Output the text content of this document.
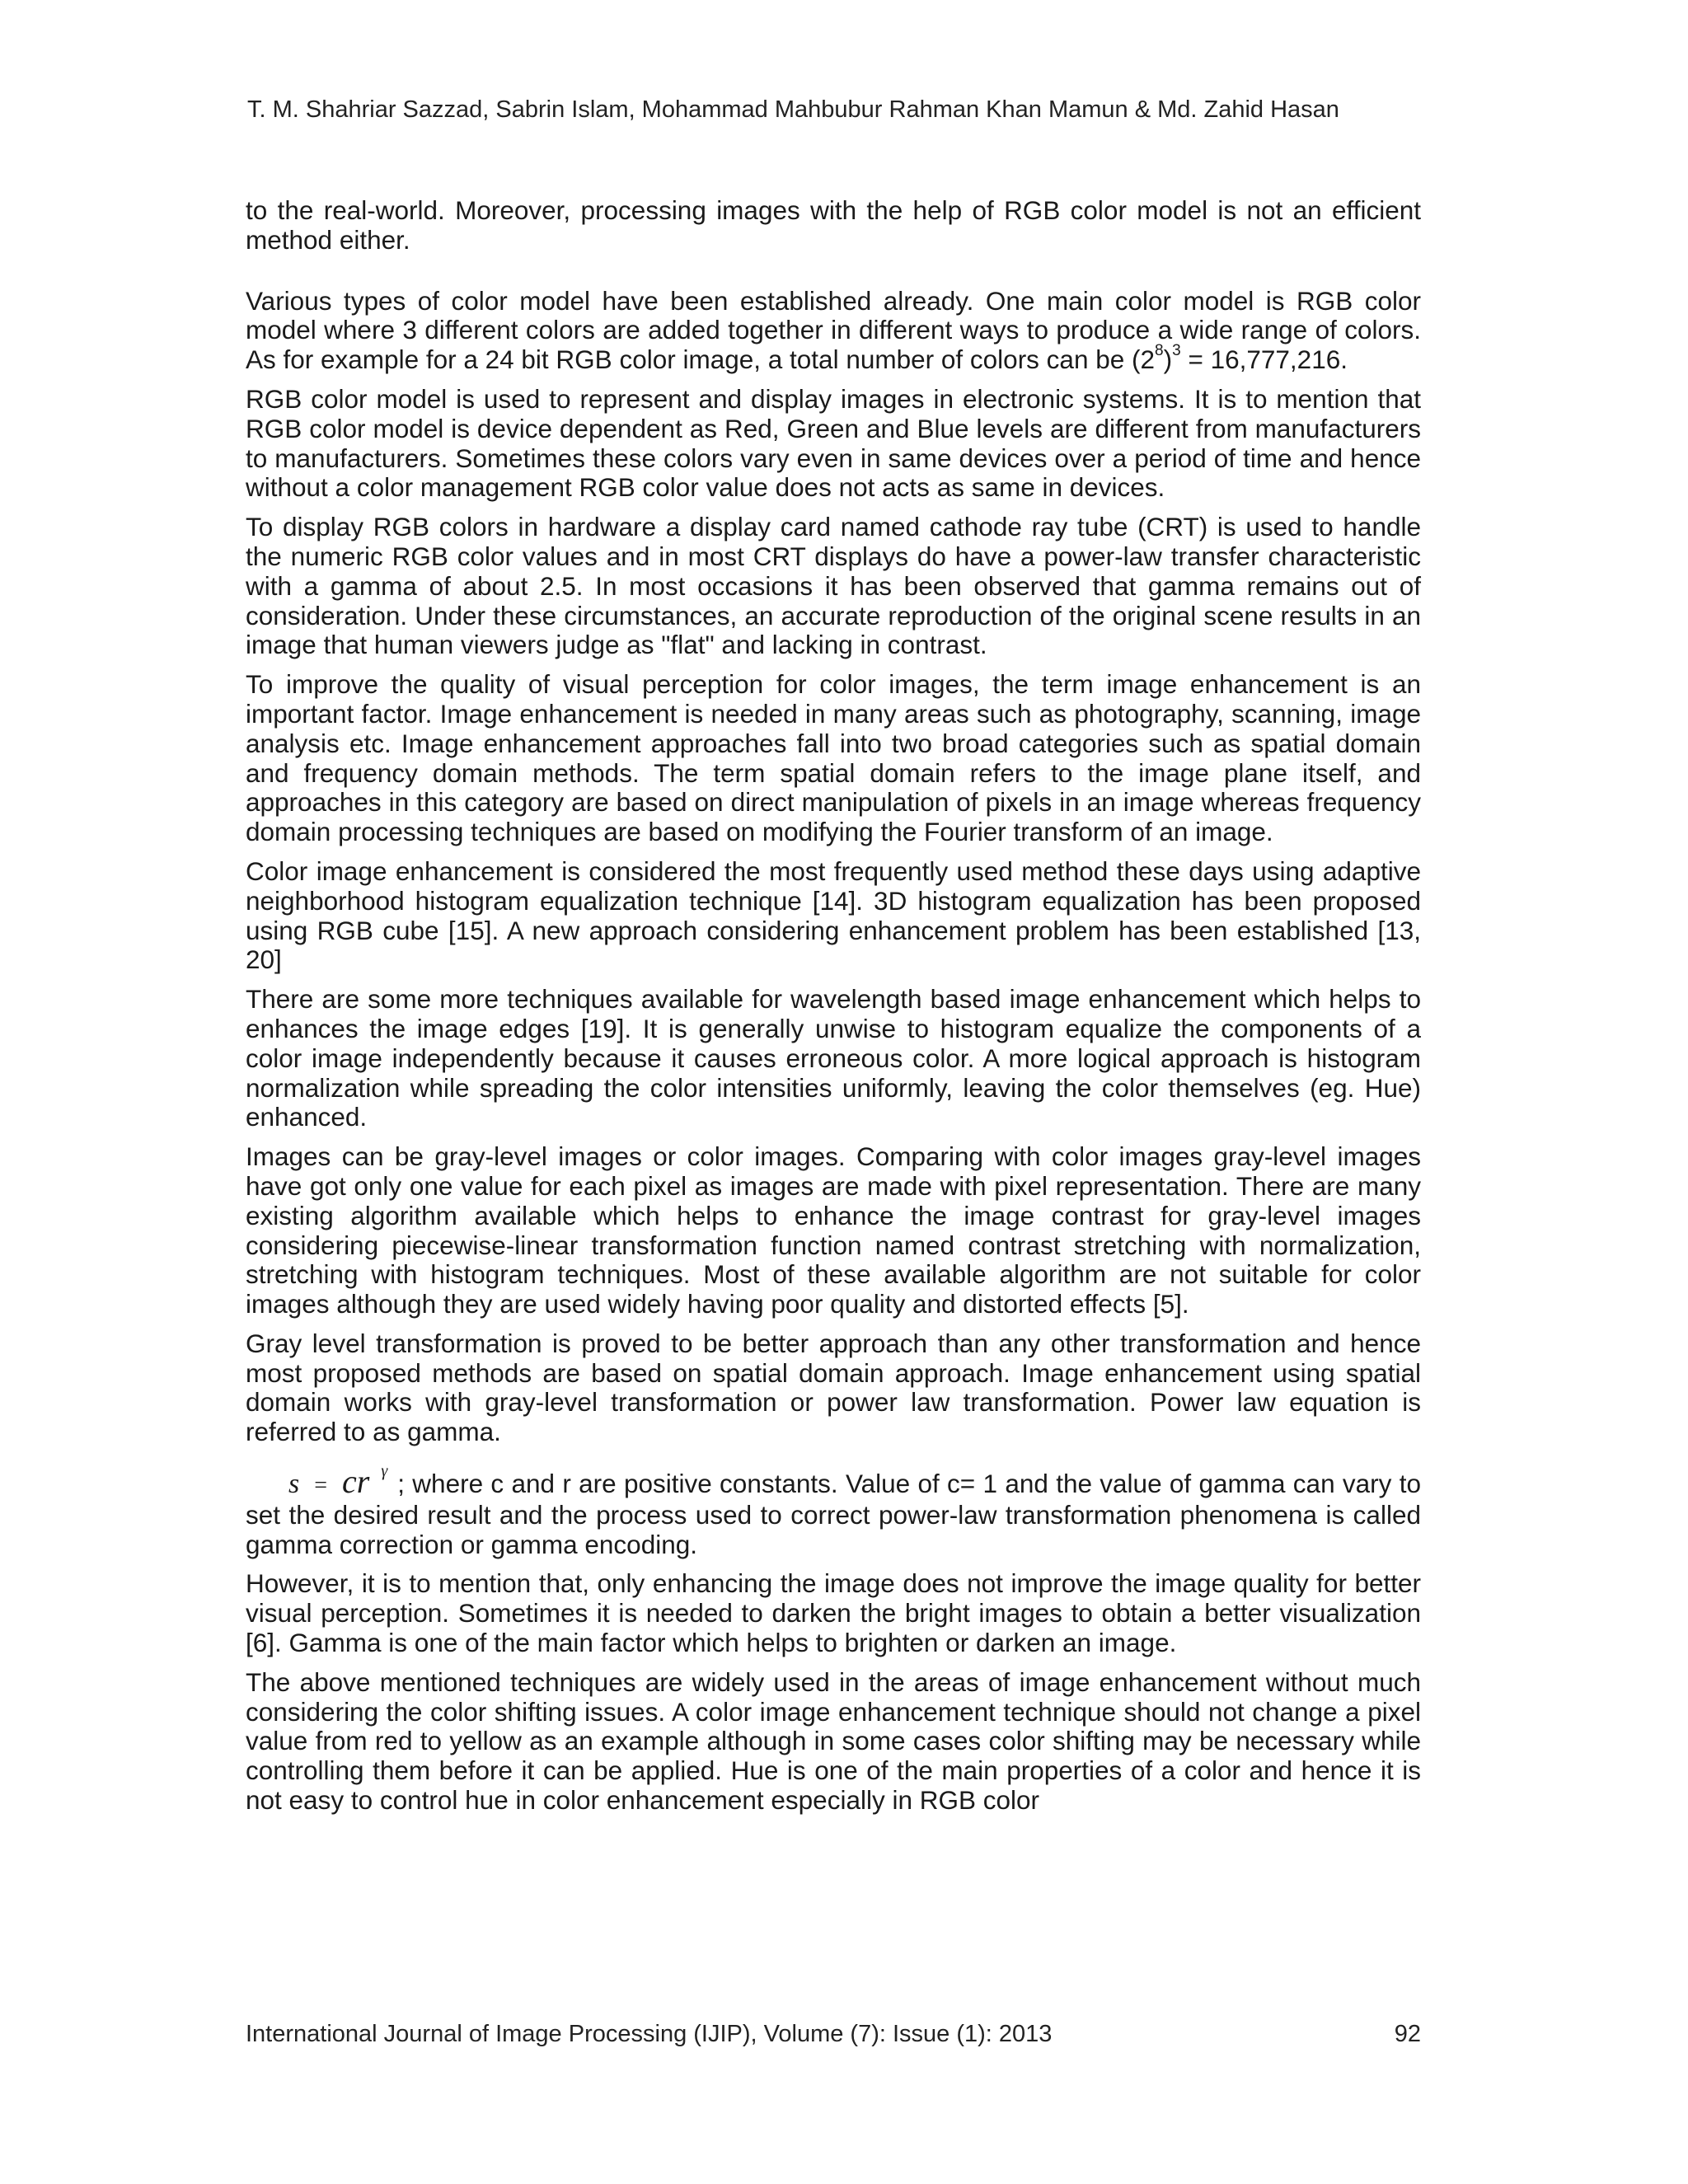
T. M. Shahriar Sazzad, Sabrin Islam, Mohammad Mahbubur Rahman Khan Mamun & Md. Zahid Hasan

to the real-world. Moreover, processing images with the help of RGB color model is not an efficient method either.

Various types of color model have been established already. One main color model is RGB color model where 3 different colors are added together in different ways to produce a wide range of colors. As for example for a 24 bit RGB color image, a total number of colors can be $(2^8)^3 = 16,777,216$.

RGB color model is used to represent and display images in electronic systems. It is to mention that RGB color model is device dependent as Red, Green and Blue levels are different from manufacturers to manufacturers. Sometimes these colors vary even in same devices over a period of time and hence without a color management RGB color value does not acts as same in devices.

To display RGB colors in hardware a display card named cathode ray tube (CRT) is used to handle the numeric RGB color values and in most CRT displays do have a power-law transfer characteristic with a gamma of about 2.5. In most occasions it has been observed that gamma remains out of consideration. Under these circumstances, an accurate reproduction of the original scene results in an image that human viewers judge as "flat" and lacking in contrast.

To improve the quality of visual perception for color images, the term image enhancement is an important factor. Image enhancement is needed in many areas such as photography, scanning, image analysis etc. Image enhancement approaches fall into two broad categories such as spatial domain and frequency domain methods. The term spatial domain refers to the image plane itself, and approaches in this category are based on direct manipulation of pixels in an image whereas frequency domain processing techniques are based on modifying the Fourier transform of an image.

Color image enhancement is considered the most frequently used method these days using adaptive neighborhood histogram equalization technique [14]. 3D histogram equalization has been proposed using RGB cube [15]. A new approach considering enhancement problem has been established [13, 20]

There are some more techniques available for wavelength based image enhancement which helps to enhances the image edges [19]. It is generally unwise to histogram equalize the components of a color image independently because it causes erroneous color. A more logical approach is histogram normalization while spreading the color intensities uniformly, leaving the color themselves (eg. Hue) enhanced.

Images can be gray-level images or color images. Comparing with color images gray-level images have got only one value for each pixel as images are made with pixel representation. There are many existing algorithm available which helps to enhance the image contrast for gray-level images considering piecewise-linear transformation function named contrast stretching with normalization, stretching with histogram techniques. Most of these available algorithm are not suitable for color images although they are used widely having poor quality and distorted effects [5].

Gray level transformation is proved to be better approach than any other transformation and hence most proposed methods are based on spatial domain approach. Image enhancement using spatial domain works with gray-level transformation or power law transformation. Power law equation is referred to as gamma.

s = cr $^\gamma$ ; where c and r are positive constants. Value of c= 1 and the value of gamma can vary to set the desired result and the process used to correct power-law transformation phenomena is called gamma correction or gamma encoding.

However, it is to mention that, only enhancing the image does not improve the image quality for better visual perception. Sometimes it is needed to darken the bright images to obtain a better visualization [6]. Gamma is one of the main factor which helps to brighten or darken an image.

The above mentioned techniques are widely used in the areas of image enhancement without much considering the color shifting issues. A color image enhancement technique should not change a pixel value from red to yellow as an example although in some cases color shifting may be necessary while controlling them before it can be applied. Hue is one of the main properties of a color and hence it is not easy to control hue in color enhancement especially in RGB color

International Journal of Image Processing (IJIP), Volume (7): Issue (1): 2013	92
